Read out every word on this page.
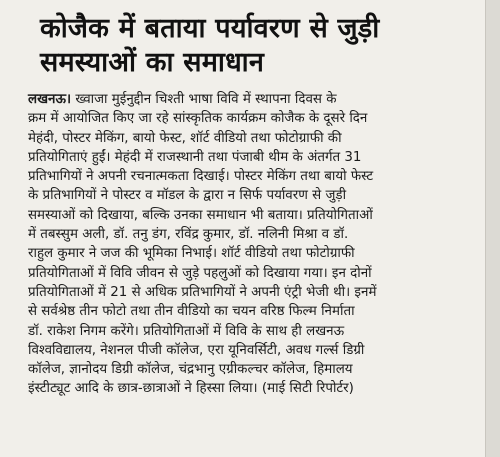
कोजैक में बताया पर्यावरण से जुड़ी
समस्याओं का समाधान
लखनऊ। ख्वाजा मुईनुद्दीन चिश्ती भाषा विवि में स्थापना दिवस के
क्रम में आयोजित किए जा रहे सांस्कृतिक कार्यक्रम कोजैक के दूसरे दिन
मेहंदी, पोस्टर मेकिंग, बायो फेस्ट, शॉर्ट वीडियो तथा फोटोग्राफी की
प्रतियोगिताएं हुईं। मेहंदी में राजस्थानी तथा पंजाबी थीम के अंतर्गत 31
प्रतिभागियों ने अपनी रचनात्मकता दिखाई। पोस्टर मेकिंग तथा बायो फेस्ट
के प्रतिभागियों ने पोस्टर व मॉडल के द्वारा न सिर्फ पर्यावरण से जुड़ी
समस्याओं को दिखाया, बल्कि उनका समाधान भी बताया। प्रतियोगिताओं
में तबस्सुम अली, डॉ. तनु डंग, रविंद्र कुमार, डॉ. नलिनी मिश्रा व डॉ.
राहुल कुमार ने जज की भूमिका निभाई। शॉर्ट वीडियो तथा फोटोग्राफी
प्रतियोगिताओं में विवि जीवन से जुड़े पहलुओं को दिखाया गया। इन दोनों
प्रतियोगिताओं में 21 से अधिक प्रतिभागियों ने अपनी एंट्री भेजी थी। इनमें
से सर्वश्रेष्ठ तीन फोटो तथा तीन वीडियो का चयन वरिष्ठ फिल्म निर्माता
डॉ. राकेश निगम करेंगे। प्रतियोगिताओं में विवि के साथ ही लखनऊ
विश्वविद्यालय, नेशनल पीजी कॉलेज, एरा यूनिवर्सिटी, अवध गर्ल्स डिग्री
कॉलेज, ज्ञानोदय डिग्री कॉलेज, चंद्रभानु एग्रीकल्चर कॉलेज, हिमालय
इंस्टीट्यूट आदि के छात्र-छात्राओं ने हिस्सा लिया। (माई सिटी रिपोर्टर)
